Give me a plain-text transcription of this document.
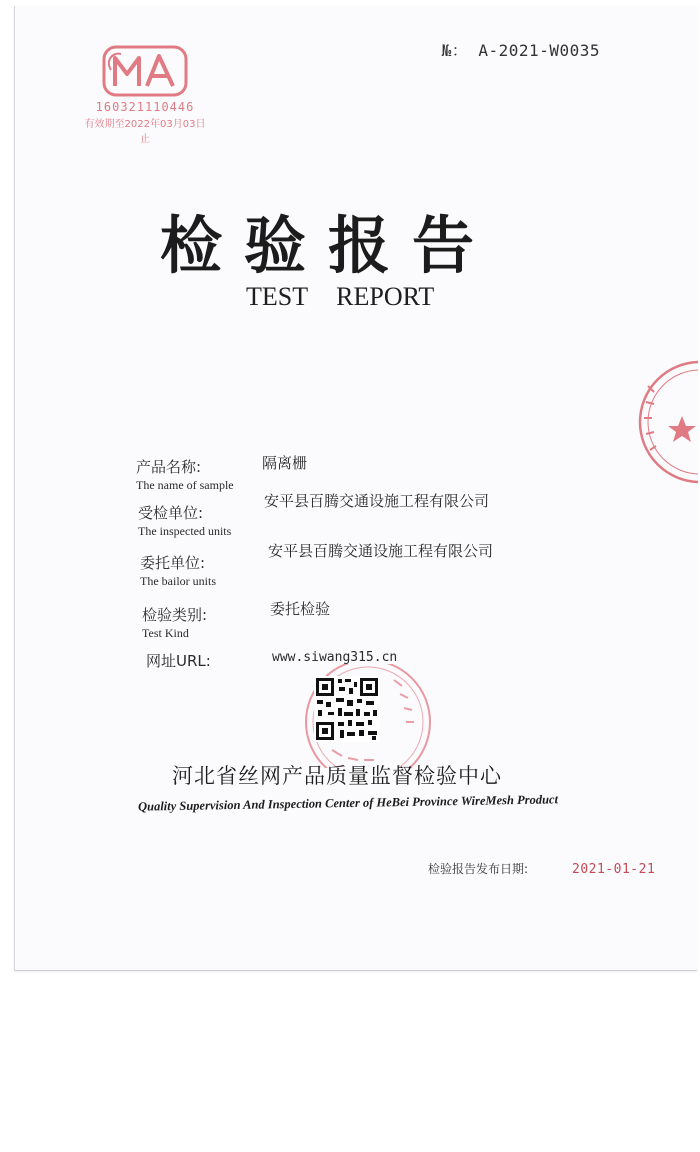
№： A-2021-W0035
160321110446
有效期至2022年03月03日止
检验报告
TEST REPORT
产品名称:
The name of sample
隔离栅
受检单位:
The inspected units
安平县百腾交通设施工程有限公司
委托单位:
The bailor units
安平县百腾交通设施工程有限公司
检验类别:
Test Kind
委托检验
网址URL:	www.siwang315.cn
河北省丝网产品质量监督检验中心
Quality Supervision And Inspection Center of HeBei Province WireMesh Product
检验报告发布日期:	2021-01-21
